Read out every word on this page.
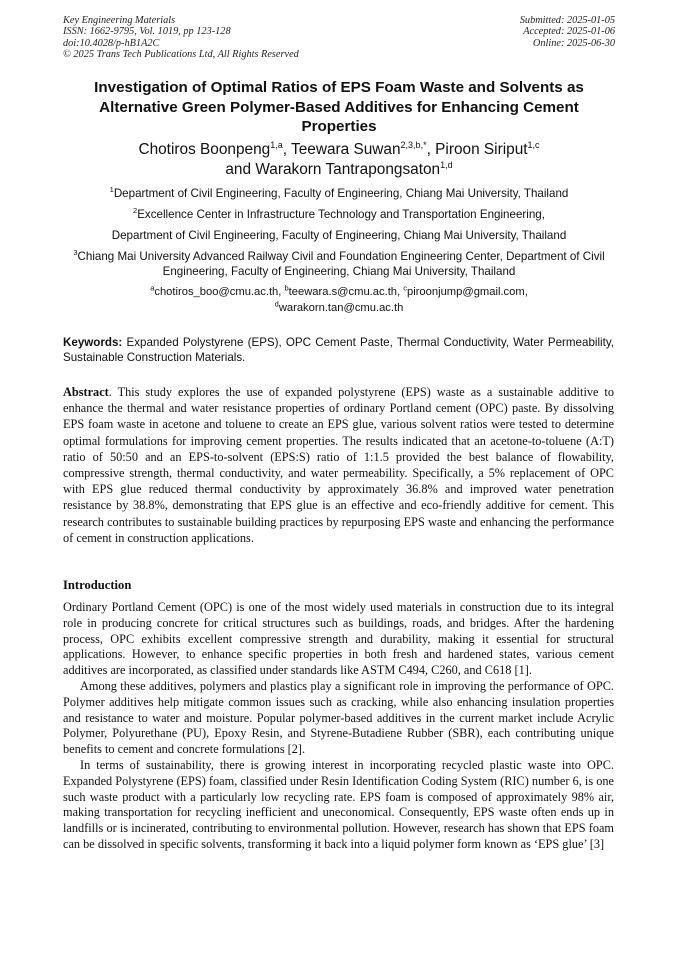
Key Engineering Materials
ISSN: 1662-9795, Vol. 1019, pp 123-128
doi:10.4028/p-hB1A2C
© 2025 Trans Tech Publications Ltd, All Rights Reserved
Submitted: 2025-01-05
Accepted: 2025-01-06
Online: 2025-06-30
Investigation of Optimal Ratios of EPS Foam Waste and Solvents as Alternative Green Polymer-Based Additives for Enhancing Cement Properties
Chotiros Boonpeng$^{1,a}$, Teewara Suwan$^{2,3,b,*}$, Piroon Siriput$^{1,c}$
and Warakorn Tantrapongsaton$^{1,d}$
$^1$Department of Civil Engineering, Faculty of Engineering, Chiang Mai University, Thailand
$^2$Excellence Center in Infrastructure Technology and Transportation Engineering,
Department of Civil Engineering, Faculty of Engineering, Chiang Mai University, Thailand
$^3$Chiang Mai University Advanced Railway Civil and Foundation Engineering Center, Department of Civil Engineering, Faculty of Engineering, Chiang Mai University, Thailand
$^a$chotiros_boo@cmu.ac.th, $^b$teewara.s@cmu.ac.th, $^c$piroonjump@gmail.com,
$^d$warakorn.tan@cmu.ac.th
Keywords: Expanded Polystyrene (EPS), OPC Cement Paste, Thermal Conductivity, Water Permeability, Sustainable Construction Materials.
Abstract. This study explores the use of expanded polystyrene (EPS) waste as a sustainable additive to enhance the thermal and water resistance properties of ordinary Portland cement (OPC) paste. By dissolving EPS foam waste in acetone and toluene to create an EPS glue, various solvent ratios were tested to determine optimal formulations for improving cement properties. The results indicated that an acetone-to-toluene (A:T) ratio of 50:50 and an EPS-to-solvent (EPS:S) ratio of 1:1.5 provided the best balance of flowability, compressive strength, thermal conductivity, and water permeability. Specifically, a 5% replacement of OPC with EPS glue reduced thermal conductivity by approximately 36.8% and improved water penetration resistance by 38.8%, demonstrating that EPS glue is an effective and eco-friendly additive for cement. This research contributes to sustainable building practices by repurposing EPS waste and enhancing the performance of cement in construction applications.
Introduction

Ordinary Portland Cement (OPC) is one of the most widely used materials in construction due to its integral role in producing concrete for critical structures such as buildings, roads, and bridges. After the hardening process, OPC exhibits excellent compressive strength and durability, making it essential for structural applications. However, to enhance specific properties in both fresh and hardened states, various cement additives are incorporated, as classified under standards like ASTM C494, C260, and C618 [1].

Among these additives, polymers and plastics play a significant role in improving the performance of OPC. Polymer additives help mitigate common issues such as cracking, while also enhancing insulation properties and resistance to water and moisture. Popular polymer-based additives in the current market include Acrylic Polymer, Polyurethane (PU), Epoxy Resin, and Styrene-Butadiene Rubber (SBR), each contributing unique benefits to cement and concrete formulations [2].

In terms of sustainability, there is growing interest in incorporating recycled plastic waste into OPC. Expanded Polystyrene (EPS) foam, classified under Resin Identification Coding System (RIC) number 6, is one such waste product with a particularly low recycling rate. EPS foam is composed of approximately 98% air, making transportation for recycling inefficient and uneconomical. Consequently, EPS waste often ends up in landfills or is incinerated, contributing to environmental pollution. However, research has shown that EPS foam can be dissolved in specific solvents, transforming it back into a liquid polymer form known as ‘EPS glue’ [3]
